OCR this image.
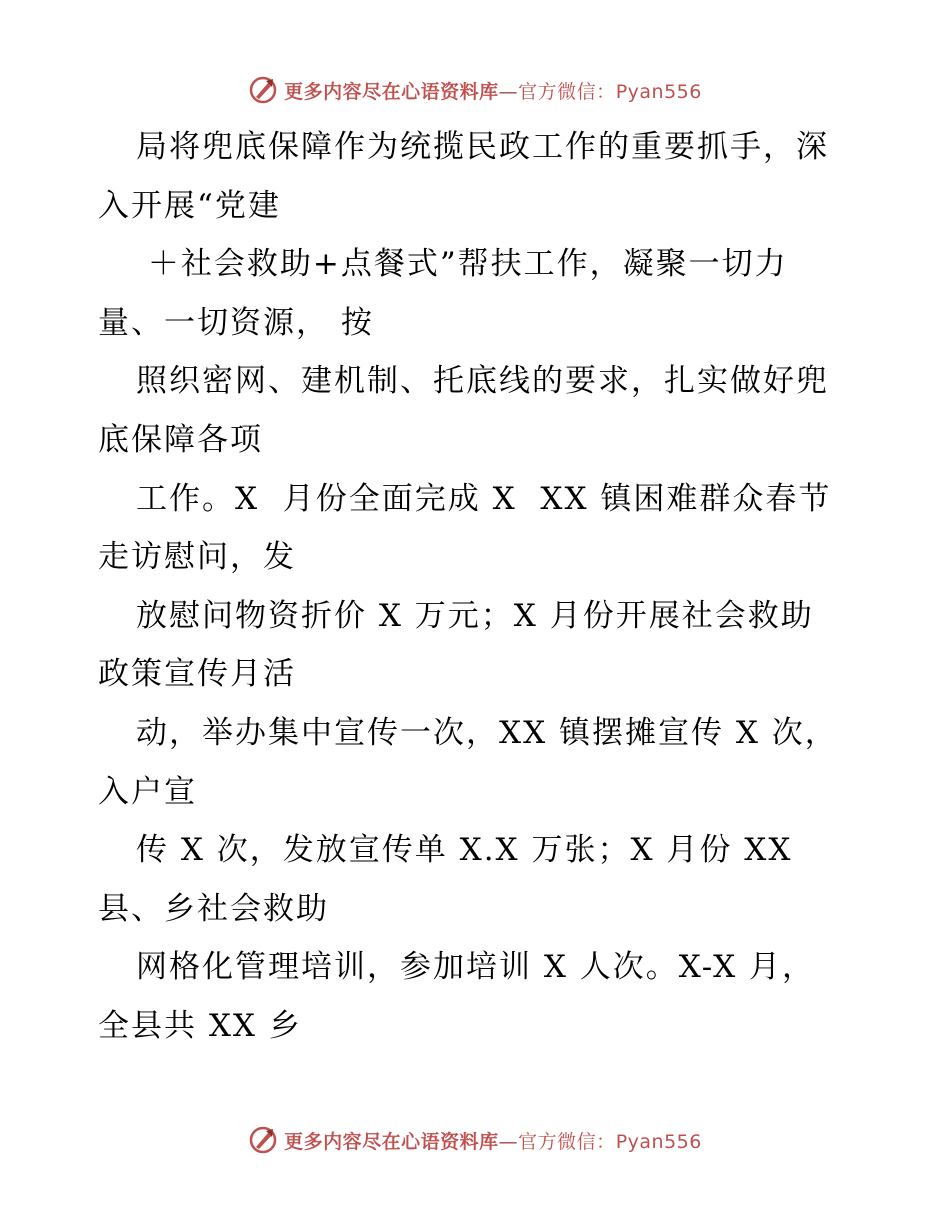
更多内容尽在心语资料库—官方微信：Pyan556
局将兜底保障作为统揽民政工作的重要抓手，深
入开展“党建
＋社会救助+点餐式”帮扶工作，凝聚一切力
量、一切资源， 按
照织密网、建机制、托底线的要求，扎实做好兜
底保障各项
工作。X  月份全面完成 X  XX 镇困难群众春节
走访慰问，发
放慰问物资折价 X 万元；X 月份开展社会救助
政策宣传月活
动，举办集中宣传一次，XX 镇摆摊宣传 X 次，
入户宣
传 X 次，发放宣传单 X.X 万张；X 月份 XX
县、乡社会救助
网格化管理培训，参加培训 X 人次。X-X 月，
全县共 XX 乡
更多内容尽在心语资料库—官方微信：Pyan556
